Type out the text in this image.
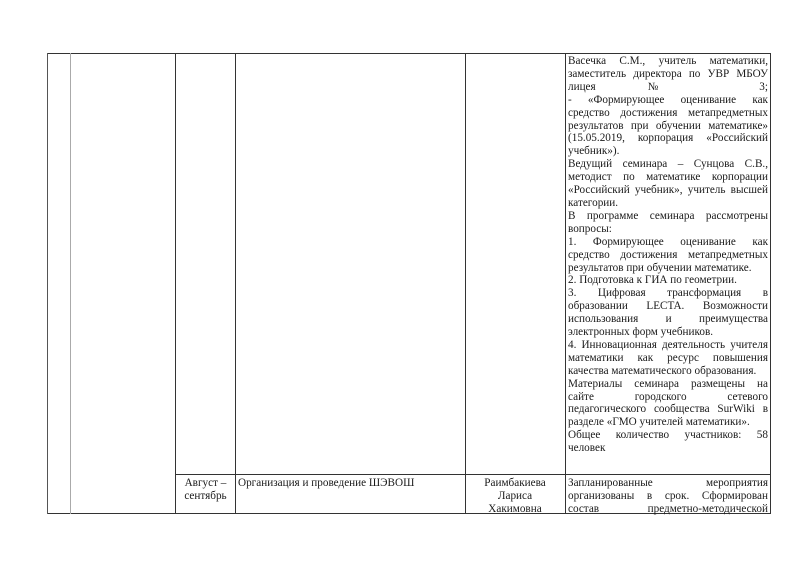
Васечка С.М., учитель математики, заместитель директора по УВР МБОУ лицея № 3;

- «Формирующее оценивание как средство достижения метапредметных результатов при обучении математике» (15.05.2019, корпорация «Российский учебник»).

Ведущий семинара – Сунцова С.В., методист по математике корпорации «Российский учебник», учитель высшей категории.

В программе семинара рассмотрены вопросы:

1. Формирующее оценивание как средство достижения метапредметных результатов при обучении математике.

2. Подготовка к ГИА по геометрии.

3. Цифровая трансформация в образовании LECTA. Возможности использования и преимущества электронных форм учебников.

4. Инновационная деятельность учителя математики как ресурс повышения качества математического образования.

Материалы семинара размещены на сайте городского сетевого педагогического сообщества SurWiki в разделе «ГМО учителей математики».

Общее количество участников: 58 человек

Август – сентябрь
Организация и проведение ШЭВОШ	Раимбакиева Лариса Хакимовна

Запланированные мероприятия организованы в срок. Сформирован состав предметно-методической
